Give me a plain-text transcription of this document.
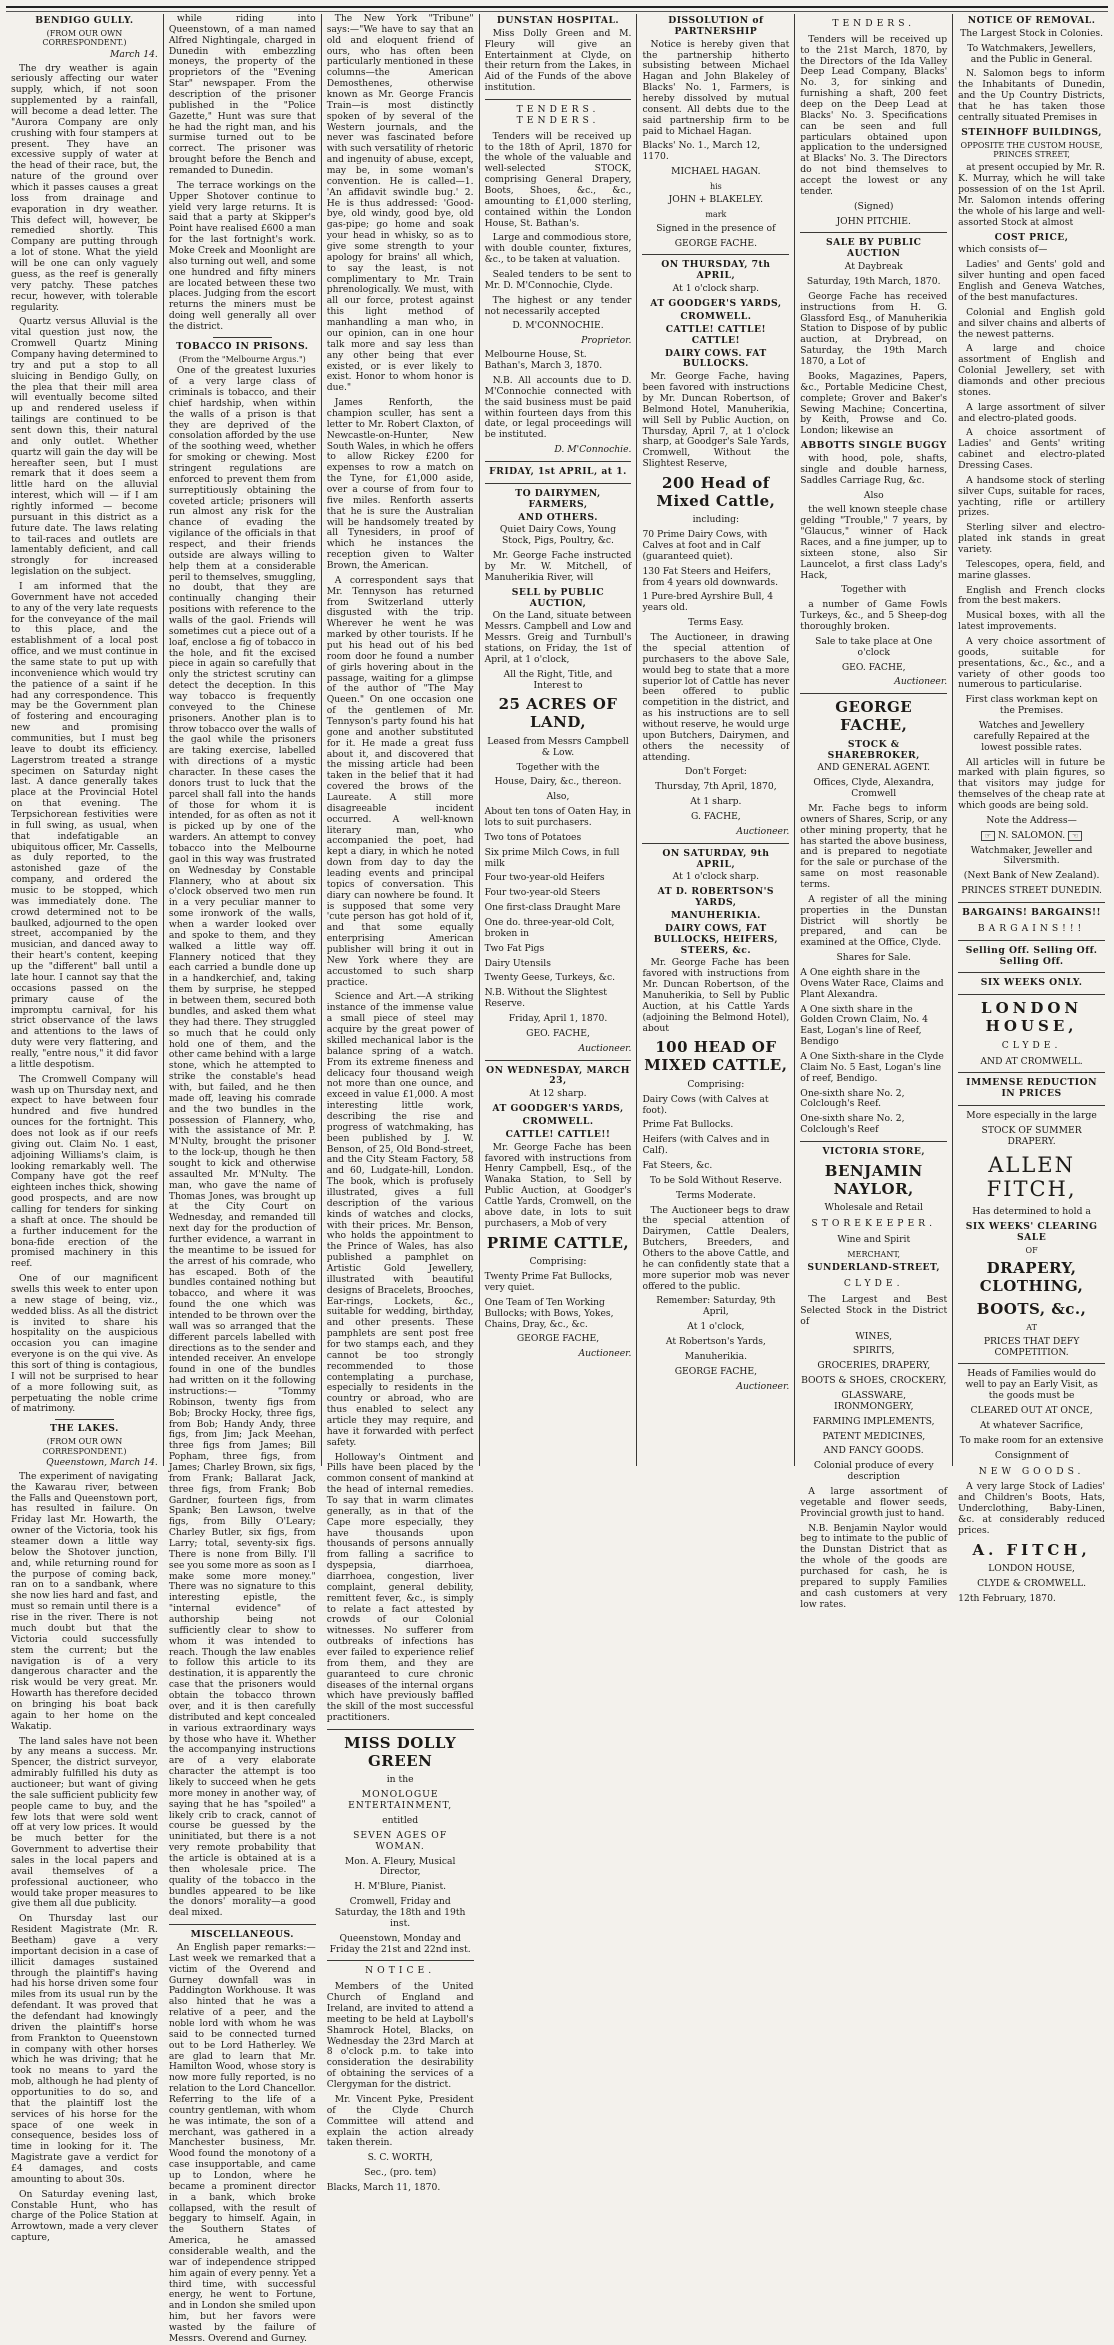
BENDIGO GULLY.
(FROM OUR OWN CORRESPONDENT.)
March 14.

The dry weather is again seriously affecting our water supply, which, if not soon supplemented by a rainfall, will become a dead letter. The "Aurora Company are only crushing with four stampers at present. They have an excessive supply of water at the head of their race, but, the nature of the ground over which it passes causes a great loss from drainage and evaporation in dry weather. This defect will, however, be remedied shortly. This Company are putting through a lot of stone. What the yield will be one can only vaguely guess, as the reef is generally very patchy. These patches recur, however, with tolerable regularity.

Quartz versus Alluvial is the vital question just now, the Cromwell Quartz Mining Company having determined to try and put a stop to all sluicing in Bendigo Gully, on the plea that their mill area will eventually become silted up and rendered useless if tailings are continued to be sent down this, their natural and only outlet. Whether quartz will gain the day will be hereafter seen, but I must remark that it does seem a little hard on the alluvial interest, which will — if I am rightly informed — become pursuant in this district as a future date. The laws relating to tail-races and outlets are lamentably deficient, and call strongly for increased legislation on the subject.

I am informed that the Government have not acceded to any of the very late requests for the conveyance of the mail to this place, and the establishment of a local post office, and we must continue in the same state to put up with inconvenience which would try the patience of a saint if he had any correspondence. This may be the Government plan of fostering and encouraging new and promising communities, but I must beg leave to doubt its efficiency. Lagerstrom treated a strange specimen on Saturday night last. A dance generally takes place at the Provincial Hotel on that evening. The Terpsichorean festivities were in full swing, as usual, when that indefatigable an ubiquitous officer, Mr. Cassells, as duly reported, to the astonished gaze of the company, and ordered the music to be stopped, which was immediately done. The crowd determined not to be baulked, adjourned to the open street, accompanied by the musician, and danced away to their heart's content, keeping up the "different" ball until a late hour. I cannot say that the occasions passed on the primary cause of the impromptu carnival, for his strict observance of the laws and attentions to the laws of duty were very flattering, and really, "entre nous," it did favor a little despotism.

The Cromwell Company will wash up on Thursday next, and expect to have between four hundred and five hundred ounces for the fortnight. This does not look as if our reefs giving out. Claim No. 1 east, adjoining Williams's claim, is looking remarkably well. The Company have got the reef eighteen inches thick, showing good prospects, and are now calling for tenders for sinking a shaft at once. The should be a further inducement for the bona-fide erection of the promised machinery in this reef.

One of our magnificent swells this week to enter upon a new stage of being, viz., wedded bliss. As all the district is invited to share his hospitality on the auspicious occasion you can imagine everyone is on the qui vive. As this sort of thing is contagious, I will not be surprised to hear of a more following suit, as perpetuating the noble crime of matrimony.

THE LAKES.
(FROM OUR OWN CORRESPONDENT.)
Queenstown, March 14.

The experiment of navigating the Kawarau river, between the Falls and Queenstown port, has resulted in failure. On Friday last Mr. Howarth, the owner of the Victoria, took his steamer down a little way below the Shotover junction, and, while returning round for the purpose of coming back, ran on to a sandbank, where she now lies hard and fast, and must so remain until there is a rise in the river. There is not much doubt but that the Victoria could successfully stem the current; but the navigation is of a very dangerous character and the risk would be very great. Mr. Howarth has therefore decided on bringing his boat back again to her home on the Wakatip.

The land sales have not been by any means a success. Mr. Spencer, the district surveyor, admirably fulfilled his duty as auctioneer; but want of giving the sale sufficient publicity few people came to buy, and the few lots that were sold went off at very low prices. It would be much better for the Government to advertise their sales in the local papers and avail themselves of a professional auctioneer, who would take proper measures to give them all due publicity.

On Thursday last our Resident Magistrate (Mr. R. Beetham) gave a very important decision in a case of illicit damages sustained through the plaintiff's having had his horse driven some four miles from its usual run by the defendant. It was proved that the defendant had knowingly driven the plaintiff's horse from Frankton to Queenstown in company with other horses which he was driving; that he took no means to yard the mob, although he had plenty of opportunities to do so, and that the plaintiff lost the services of his horse for the space of one week in consequence, besides loss of time in looking for it. The Magistrate gave a verdict for £4 damages, and costs amounting to about 30s.

On Saturday evening last, Constable Hunt, who has charge of the Police Station at Arrowtown, made a very clever capture,

while riding into Queenstown, of a man named Alfred Nightingale, charged in Dunedin with embezzling moneys, the property of the proprietors of the "Evening Star" newspaper. From the description of the prisoner published in the "Police Gazette," Hunt was sure that he had the right man, and his surmise turned out to be correct. The prisoner was brought before the Bench and remanded to Dunedin.

The terrace workings on the Upper Shotover continue to yield very large returns. It is said that a party at Skipper's Point have realised £600 a man for the last fortnight's work. Moke Creek and Moonlight are also turning out well, and some one hundred and fifty miners are located between these two places. Judging from the escort returns the miners must be doing well generally all over the district.

TOBACCO IN PRISONS.
(From the "Melbourne Argus.")

One of the greatest luxuries of a very large class of criminals is tobacco, and their chief hardship, when within the walls of a prison is that they are deprived of the consolation afforded by the use of the soothing weed, whether for smoking or chewing. Most stringent regulations are enforced to prevent them from surreptitiously obtaining the coveted article; prisoners will run almost any risk for the chance of evading the vigilance of the officials in that respect, and their friends outside are always willing to help them at a considerable peril to themselves, smuggling, no doubt, that they are continually changing their positions with reference to the walls of the gaol. Friends will sometimes cut a piece out of a loaf, enclose a fig of tobacco in the hole, and fit the excised piece in again so carefully that only the strictest scrutiny can detect the deception. In this way tobacco is frequently conveyed to the Chinese prisoners. Another plan is to throw tobacco over the walls of the gaol while the prisoners are taking exercise, labelled with directions of a mystic character. In these cases the donors trust to luck that the parcel shall fall into the hands of those for whom it is intended, for as often as not it is picked up by one of the warders. An attempt to convey tobacco into the Melbourne gaol in this way was frustrated on Wednesday by Constable Flannery, who at about six o'clock observed two men run in a very peculiar manner to some ironwork of the walls, when a warder looked over and spoke to them, and they walked a little way off. Flannery noticed that they each carried a bundle done up in a handkerchief, and, taking them by surprise, he stepped in between them, secured both bundles, and asked them what they had there. They struggled so much that he could only hold one of them, and the other came behind with a large stone, which he attempted to strike the constable's head with, but failed, and he then made off, leaving his comrade and the two bundles in the possession of Flannery, who, with the assistance of Mr. P. M'Nulty, brought the prisoner to the lock-up, though he then sought to kick and otherwise assaulted Mr. M'Nulty. The man, who gave the name of Thomas Jones, was brought up at the City Court on Wednesday, and remanded till next day for the production of further evidence, a warrant in the meantime to be issued for the arrest of his comrade, who has escaped. Both of the bundles contained nothing but tobacco, and where it was found the one which was intended to be thrown over the wall was so arranged that the different parcels labelled with directions as to the sender and intended receiver. An envelope found in one of the bundles had written on it the following instructions:— "Tommy Robinson, twenty figs from Bob; Brocky Hocky, three figs, from Bob; Handy Andy, three figs, from Jim; Jack Meehan, three figs from James; Bill Popham, three figs, from James; Charley Brown, six figs, from Frank; Ballarat Jack, three figs, from Frank; Bob Gardner, fourteen figs, from Spank; Ben Lawson, twelve figs, from Billy O'Leary; Charley Butler, six figs, from Larry; total, seventy-six figs. There is none from Billy. I'll see you some more as soon as I make some more money." There was no signature to this interesting epistle, the "internal evidence" of authorship being not sufficiently clear to show to whom it was intended to reach. Though the law enables to follow this article to its destination, it is apparently the case that the prisoners would obtain the tobacco thrown over, and it is then carefully distributed and kept concealed in various extraordinary ways by those who have it. Whether the accompanying instructions are of a very elaborate character the attempt is too likely to succeed when he gets more money in another way, of saying that he has "spoiled" a likely crib to crack, cannot of course be guessed by the uninitiated, but there is a not very remote probability that the article is obtained at is a then wholesale price. The quality of the tobacco in the bundles appeared to be like the donors' morality—a good deal mixed.

MISCELLANEOUS.

An English paper remarks:—Last week we remarked that a victim of the Overend and Gurney downfall was in Paddington Workhouse. It was also hinted that he was a relative of a peer, and the noble lord with whom he was said to be connected turned out to be Lord Hatherley. We are glad to learn that Mr. Hamilton Wood, whose story is now more fully reported, is no relation to the Lord Chancellor. Referring to the life of a country gentleman, with whom he was intimate, the son of a merchant, was gathered in a Manchester business, Mr. Wood found the monotony of a case insupportable, and came up to London, where he became a prominent director in a bank, which broke collapsed, with the result of beggary to himself. Again, in the Southern States of America, he amassed considerable wealth, and the war of independence stripped him again of every penny. Yet a third time, with successful energy, he went to Fortune, and in London she smiled upon him, but her favors were wasted by the failure of Messrs. Overend and Gurney.

The New York "Tribune" says:—"We have to say that an old and eloquent friend of ours, who has often been particularly mentioned in these columns—the American Demosthenes, otherwise known as Mr. George Francis Train—is most distinctly spoken of by several of the Western journals, and the never was fascinated before with such versatility of rhetoric and ingenuity of abuse, except, may be, in some woman's convention. He is called—1. 'An affidavit swindle bug.' 2. He is thus addressed: 'Good-bye, old windy, good bye, old gas-pipe; go home and soak your head in whisky, so as to give some strength to your apology for brains' all which, to say the least, is not complimentary to Mr. Train phrenologically. We must, with all our force, protest against this light method of manhandling a man who, in our opinion, can in one hour talk more and say less than any other being that ever existed, or is ever likely to exist. Honor to whom honor is due."

James Renforth, the champion sculler, has sent a letter to Mr. Robert Claxton, of Newcastle-on-Hunter, New South Wales, in which he offers to allow Rickey £200 for expenses to row a match on the Tyne, for £1,000 aside, over a course of from four to five miles. Renforth asserts that he is sure the Australian will be handsomely treated by all Tynesiders, in proof of which he instances the reception given to Walter Brown, the American.

A correspondent says that Mr. Tennyson has returned from Switzerland utterly disgusted with the trip. Wherever he went he was marked by other tourists. If he put his head out of his bed room door he found a number of girls hovering about in the passage, waiting for a glimpse of the author of "The May Queen." On one occasion one of the gentlemen of Mr. Tennyson's party found his hat gone and another substituted for it. He made a great fuss about it, and discovered that the missing article had been taken in the belief that it had covered the brows of the Laureate. A still more disagreeable incident occurred. A well-known literary man, who accompanied the poet, had kept a diary, in which he noted down from day to day the leading events and principal topics of conversation. This diary can nowhere be found. It is supposed that some very 'cute person has got hold of it, and that some equally enterprising American publisher will bring it out in New York where they are accustomed to such sharp practice.

Science and Art.—A striking instance of the immense value a small piece of steel may acquire by the great power of skilled mechanical labor is the balance spring of a watch. From its extreme fineness and delicacy four thousand weigh not more than one ounce, and exceed in value £1,000. A most interesting little work, describing the rise and progress of watchmaking, has been published by J. W. Benson, of 25, Old Bond-street, and the City Steam Factory, 58 and 60, Ludgate-hill, London. The book, which is profusely illustrated, gives a full description of the various kinds of watches and clocks, with their prices. Mr. Benson, who holds the appointment to the Prince of Wales, has also published a pamphlet on Artistic Gold Jewellery, illustrated with beautiful designs of Bracelets, Brooches, Ear-rings, Lockets, &c., suitable for wedding, birthday, and other presents. These pamphlets are sent post free for two stamps each, and they cannot be too strongly recommended to those contemplating a purchase, especially to residents in the country or abroad, who are thus enabled to select any article they may require, and have it forwarded with perfect safety.

Holloway's Ointment and Pills have been placed by the common consent of mankind at the head of internal remedies. To say that in warm climates generally, as in that of the Cape more especially, they have thousands upon thousands of persons annually from falling a sacrifice to dyspepsia, diarrhoea, diarrhoea, congestion, liver complaint, general debility, remittent fever, &c., is simply to relate a fact attested by crowds of our Colonial witnesses. No sufferer from outbreaks of infections has ever failed to experience relief from them, and they are guaranteed to cure chronic diseases of the internal organs which have previously baffled the skill of the most successful practitioners.

MISS DOLLY GREEN

in the

MONOLOGUE ENTERTAINMENT,

entitled

SEVEN AGES OF WOMAN.

Mon. A. Fleury, Musical Director,

H. M'Blure, Pianist.

Cromwell, Friday and Saturday, the 18th and 19th inst.

Queenstown, Monday and Friday the 21st and 22nd inst.

NOTICE.

Members of the United Church of England and Ireland, are invited to attend a meeting to be held at Layboll's Shamrock Hotel, Blacks, on Wednesday the 23rd March at 8 o'clock p.m. to take into consideration the desirability of obtaining the services of a Clergyman for the district.

Mr. Vincent Pyke, President of the Clyde Church Committee will attend and explain the action already taken therein.

S. C. WORTH,

Sec., (pro. tem)

Blacks, March 11, 1870.

DUNSTAN HOSPITAL.

Miss Dolly Green and M. Fleury will give an Entertainment at Clyde, on their return from the Lakes, in Aid of the Funds of the above institution.

TENDERS. TENDERS.

Tenders will be received up to the 18th of April, 1870 for the whole of the valuable and well-selected STOCK, comprising General Drapery, Boots, Shoes, &c., &c., amounting to £1,000 sterling, contained within the London House, St. Bathan's.

Large and commodious store, with double counter, fixtures, &c., to be taken at valuation.

Sealed tenders to be sent to Mr. D. M'Connochie, Clyde.

The highest or any tender not necessarily accepted

D. M'CONNOCHIE.

Proprietor.

Melbourne House, St. Bathan's, March 3, 1870.

N.B. All accounts due to D. M'Connochie connected with the said business must be paid within fourteen days from this date, or legal proceedings will be instituted.

D. M'Connochie.

FRIDAY, 1st APRIL, at 1.
TO DAIRYMEN, FARMERS,
AND OTHERS.

Quiet Dairy Cows, Young Stock, Pigs, Poultry, &c.

Mr. George Fache instructed by Mr. W. Mitchell, of Manuherikia River, will

SELL by PUBLIC AUCTION,

On the Land, situate between Messrs. Campbell and Low and Messrs. Greig and Turnbull's stations, on Friday, the 1st of April, at 1 o'clock,

All the Right, Title, and Interest to

25 ACRES OF LAND,

Leased from Messrs Campbell & Low.

Together with the

House, Dairy, &c., thereon.

Also,

About ten tons of Oaten Hay, in lots to suit purchasers.

Two tons of Potatoes

Six prime Milch Cows, in full milk

Four two-year-old Heifers

Four two-year-old Steers

One first-class Draught Mare

One do. three-year-old Colt, broken in

Two Fat Pigs

Dairy Utensils

Twenty Geese, Turkeys, &c.

N.B. Without the Slightest Reserve.

Friday, April 1, 1870.

GEO. FACHE,

Auctioneer.

ON WEDNESDAY, MARCH 23,

At 12 sharp.

AT GOODGER'S YARDS,
CROMWELL.
CATTLE! CATTLE!!

Mr. George Fache has been favored with instructions from Henry Campbell, Esq., of the Wanaka Station, to Sell by Public Auction, at Goodger's Cattle Yards, Cromwell, on the above date, in lots to suit purchasers, a Mob of very

PRIME CATTLE,

Comprising:

Twenty Prime Fat Bullocks, very quiet.

One Team of Ten Working Bullocks; with Bows, Yokes, Chains, Dray, &c., &c.

GEORGE FACHE,

Auctioneer.

DISSOLUTION of PARTNERSHIP

Notice is hereby given that the partnership hitherto subsisting between Michael Hagan and John Blakeley of Blacks' No. 1, Farmers, is hereby dissolved by mutual consent. All debts due to the said partnership firm to be paid to Michael Hagan.

Blacks' No. 1., March 12, 1170.

MICHAEL HAGAN.

his

JOHN + BLAKELEY.

mark

Signed in the presence of

GEORGE FACHE.

ON THURSDAY, 7th APRIL,

At 1 o'clock sharp.

AT GOODGER'S YARDS,
CROMWELL.
CATTLE! CATTLE! CATTLE!
DAIRY COWS. FAT BULLOCKS.

Mr. George Fache, having been favored with instructions by Mr. Duncan Robertson, of Belmond Hotel, Manuherikia, will Sell by Public Auction, on Thursday, April 7, at 1 o'clock sharp, at Goodger's Sale Yards, Cromwell, Without the Slightest Reserve,

200 Head of Mixed Cattle,

including:

70 Prime Dairy Cows, with Calves at foot and in Calf (guaranteed quiet).

130 Fat Steers and Heifers, from 4 years old downwards.

1 Pure-bred Ayrshire Bull, 4 years old.

Terms Easy.

The Auctioneer, in drawing the special attention of purchasers to the above Sale, would beg to state that a more superior lot of Cattle has never been offered to public competition in the district, and as his instructions are to sell without reserve, he would urge upon Butchers, Dairymen, and others the necessity of attending.

Don't Forget:

Thursday, 7th April, 1870,

At 1 sharp.

G. FACHE,

Auctioneer.

ON SATURDAY, 9th APRIL,

At 1 o'clock sharp.

AT D. ROBERTSON'S YARDS,
MANUHERIKIA.
DAIRY COWS, FAT BULLOCKS, HEIFERS, STEERS, &c.

Mr. George Fache has been favored with instructions from Mr. Duncan Robertson, of the Manuherikia, to Sell by Public Auction, at his Cattle Yards (adjoining the Belmond Hotel), about

100 HEAD OF MIXED CATTLE,

Comprising:

Dairy Cows (with Calves at foot).

Prime Fat Bullocks.

Heifers (with Calves and in Calf).

Fat Steers, &c.

To be Sold Without Reserve.

Terms Moderate.

The Auctioneer begs to draw the special attention of Dairymen, Cattle Dealers, Butchers, Breeders, and Others to the above Cattle, and he can confidently state that a more superior mob was never offered to the public.

Remember: Saturday, 9th April,

At 1 o'clock,

At Robertson's Yards,

Manuherikia.

GEORGE FACHE,

Auctioneer.

TENDERS.

Tenders will be received up to the 21st March, 1870, by the Directors of the Ida Valley Deep Lead Company, Blacks' No. 3, for sinking and furnishing a shaft, 200 feet deep on the Deep Lead at Blacks' No. 3. Specifications can be seen and full particulars obtained upon application to the undersigned at Blacks' No. 3. The Directors do not bind themselves to accept the lowest or any tender.

(Signed)

JOHN PITCHIE.

SALE BY PUBLIC AUCTION

At Daybreak

Saturday, 19th March, 1870.

George Fache has received instructions from H. G. Glassford Esq., of Manuherikia Station to Dispose of by public auction, at Drybread, on Saturday, the 19th March 1870, a Lot of

Books, Magazines, Papers, &c., Portable Medicine Chest, complete; Grover and Baker's Sewing Machine; Concertina, by Keith, Prowse and Co. London; likewise an

ABBOTTS SINGLE BUGGY

with hood, pole, shafts, single and double harness, Saddles Carriage Rug, &c.

Also

the well known steeple chase gelding "Trouble," 7 years, by "Glaucus," winner of Hack Races, and a fine jumper, up to sixteen stone, also Sir Launcelot, a first class Lady's Hack,

Together with

a number of Game Fowls Turkeys, &c., and 5 Sheep-dog thoroughly broken.

Sale to take place at One o'clock

GEO. FACHE,

Auctioneer.

GEORGE FACHE,
STOCK & SHAREBROKER,

AND GENERAL AGENT.

Offices, Clyde, Alexandra, Cromwell

Mr. Fache begs to inform owners of Shares, Scrip, or any other mining property, that he has started the above business, and is prepared to negotiate for the sale or purchase of the same on most reasonable terms.

A register of all the mining properties in the Dunstan District will shortly be prepared, and can be examined at the Office, Clyde.

Shares for Sale.

A One eighth share in the Ovens Water Race, Claims and Plant Alexandra.

A One sixth share in the Golden Crown Claim, No. 4 East, Logan's line of Reef, Bendigo

A One Sixth-share in the Clyde Claim No. 5 East, Logan's line of reef, Bendigo.

One-sixth share No. 2, Colclough's Reef.

One-sixth share No. 2, Colclough's Reef

VICTORIA STORE,
BENJAMIN NAYLOR,

Wholesale and Retail

STOREKEEPER.

Wine and Spirit

MERCHANT,

SUNDERLAND-STREET,
CLYDE.

The Largest and Best Selected Stock in the District of

WINES,

SPIRITS,

GROCERIES, DRAPERY,

BOOTS & SHOES, CROCKERY,

GLASSWARE, IRONMONGERY,

FARMING IMPLEMENTS,

PATENT MEDICINES,

AND FANCY GOODS.

Colonial produce of every description

A large assortment of vegetable and flower seeds, Provincial growth just to hand.

N.B. Benjamin Naylor would beg to intimate to the public of the Dunstan District that as the whole of the goods are purchased for cash, he is prepared to supply Families and cash customers at very low rates.

NOTICE OF REMOVAL.

The Largest Stock in Colonies.

To Watchmakers, Jewellers, and the Public in General.

N. Salomon begs to inform the Inhabitants of Dunedin, and the Up Country Districts, that he has taken those centrally situated Premises in

STEINHOFF BUILDINGS,

OPPOSITE THE CUSTOM HOUSE, PRINCES STREET,

at present occupied by Mr. R. K. Murray, which he will take possession of on the 1st April. Mr. Salomon intends offering the whole of his large and well-assorted Stock at almost

COST PRICE,

which consists of—

Ladies' and Gents' gold and silver hunting and open faced English and Geneva Watches, of the best manufactures.

Colonial and English gold and silver chains and alberts of the newest patterns.

A large and choice assortment of English and Colonial Jewellery, set with diamonds and other precious stones.

A large assortment of silver and electro-plated goods.

A choice assortment of Ladies' and Gents' writing cabinet and electro-plated Dressing Cases.

A handsome stock of sterling silver Cups, suitable for races, yachting, rifle or artillery prizes.

Sterling silver and electro-plated ink stands in great variety.

Telescopes, opera, field, and marine glasses.

English and French clocks from the best makers.

Musical boxes, with all the latest improvements.

A very choice assortment of goods, suitable for presentations, &c., &c., and a variety of other goods too numerous to particularise.

First class workman kept on the Premises.

Watches and Jewellery carefully Repaired at the lowest possible rates.

All articles will in future be marked with plain figures, so that visitors may judge for themselves of the cheap rate at which goods are being sold.

Note the Address—

☞ N. SALOMON. ☜

Watchmaker, Jeweller and Silversmith.

(Next Bank of New Zealand).

PRINCES STREET DUNEDIN.

BARGAINS! BARGAINS!!
BARGAINS!!!
Selling Off. Selling Off. Selling Off.
SIX WEEKS ONLY.
LONDON HOUSE,
CLYDE.

AND AT CROMWELL.

IMMENSE REDUCTION IN PRICES

More especially in the large

STOCK OF SUMMER DRAPERY.

ALLEN FITCH,

Has determined to hold a

SIX WEEKS' CLEARING SALE

OF

DRAPERY, CLOTHING,
BOOTS, &c.,

AT

PRICES THAT DEFY COMPETITION.

Heads of Families would do well to pay an Early Visit, as the goods must be

CLEARED OUT AT ONCE,

At whatever Sacrifice,

To make room for an extensive

Consignment of

NEW GOODS.

A very large Stock of Ladies' and Children's Boots, Hats, Underclothing, Baby-Linen, &c. at considerably reduced prices.

A. FITCH,

LONDON HOUSE,

CLYDE & CROMWELL.

12th February, 1870.
